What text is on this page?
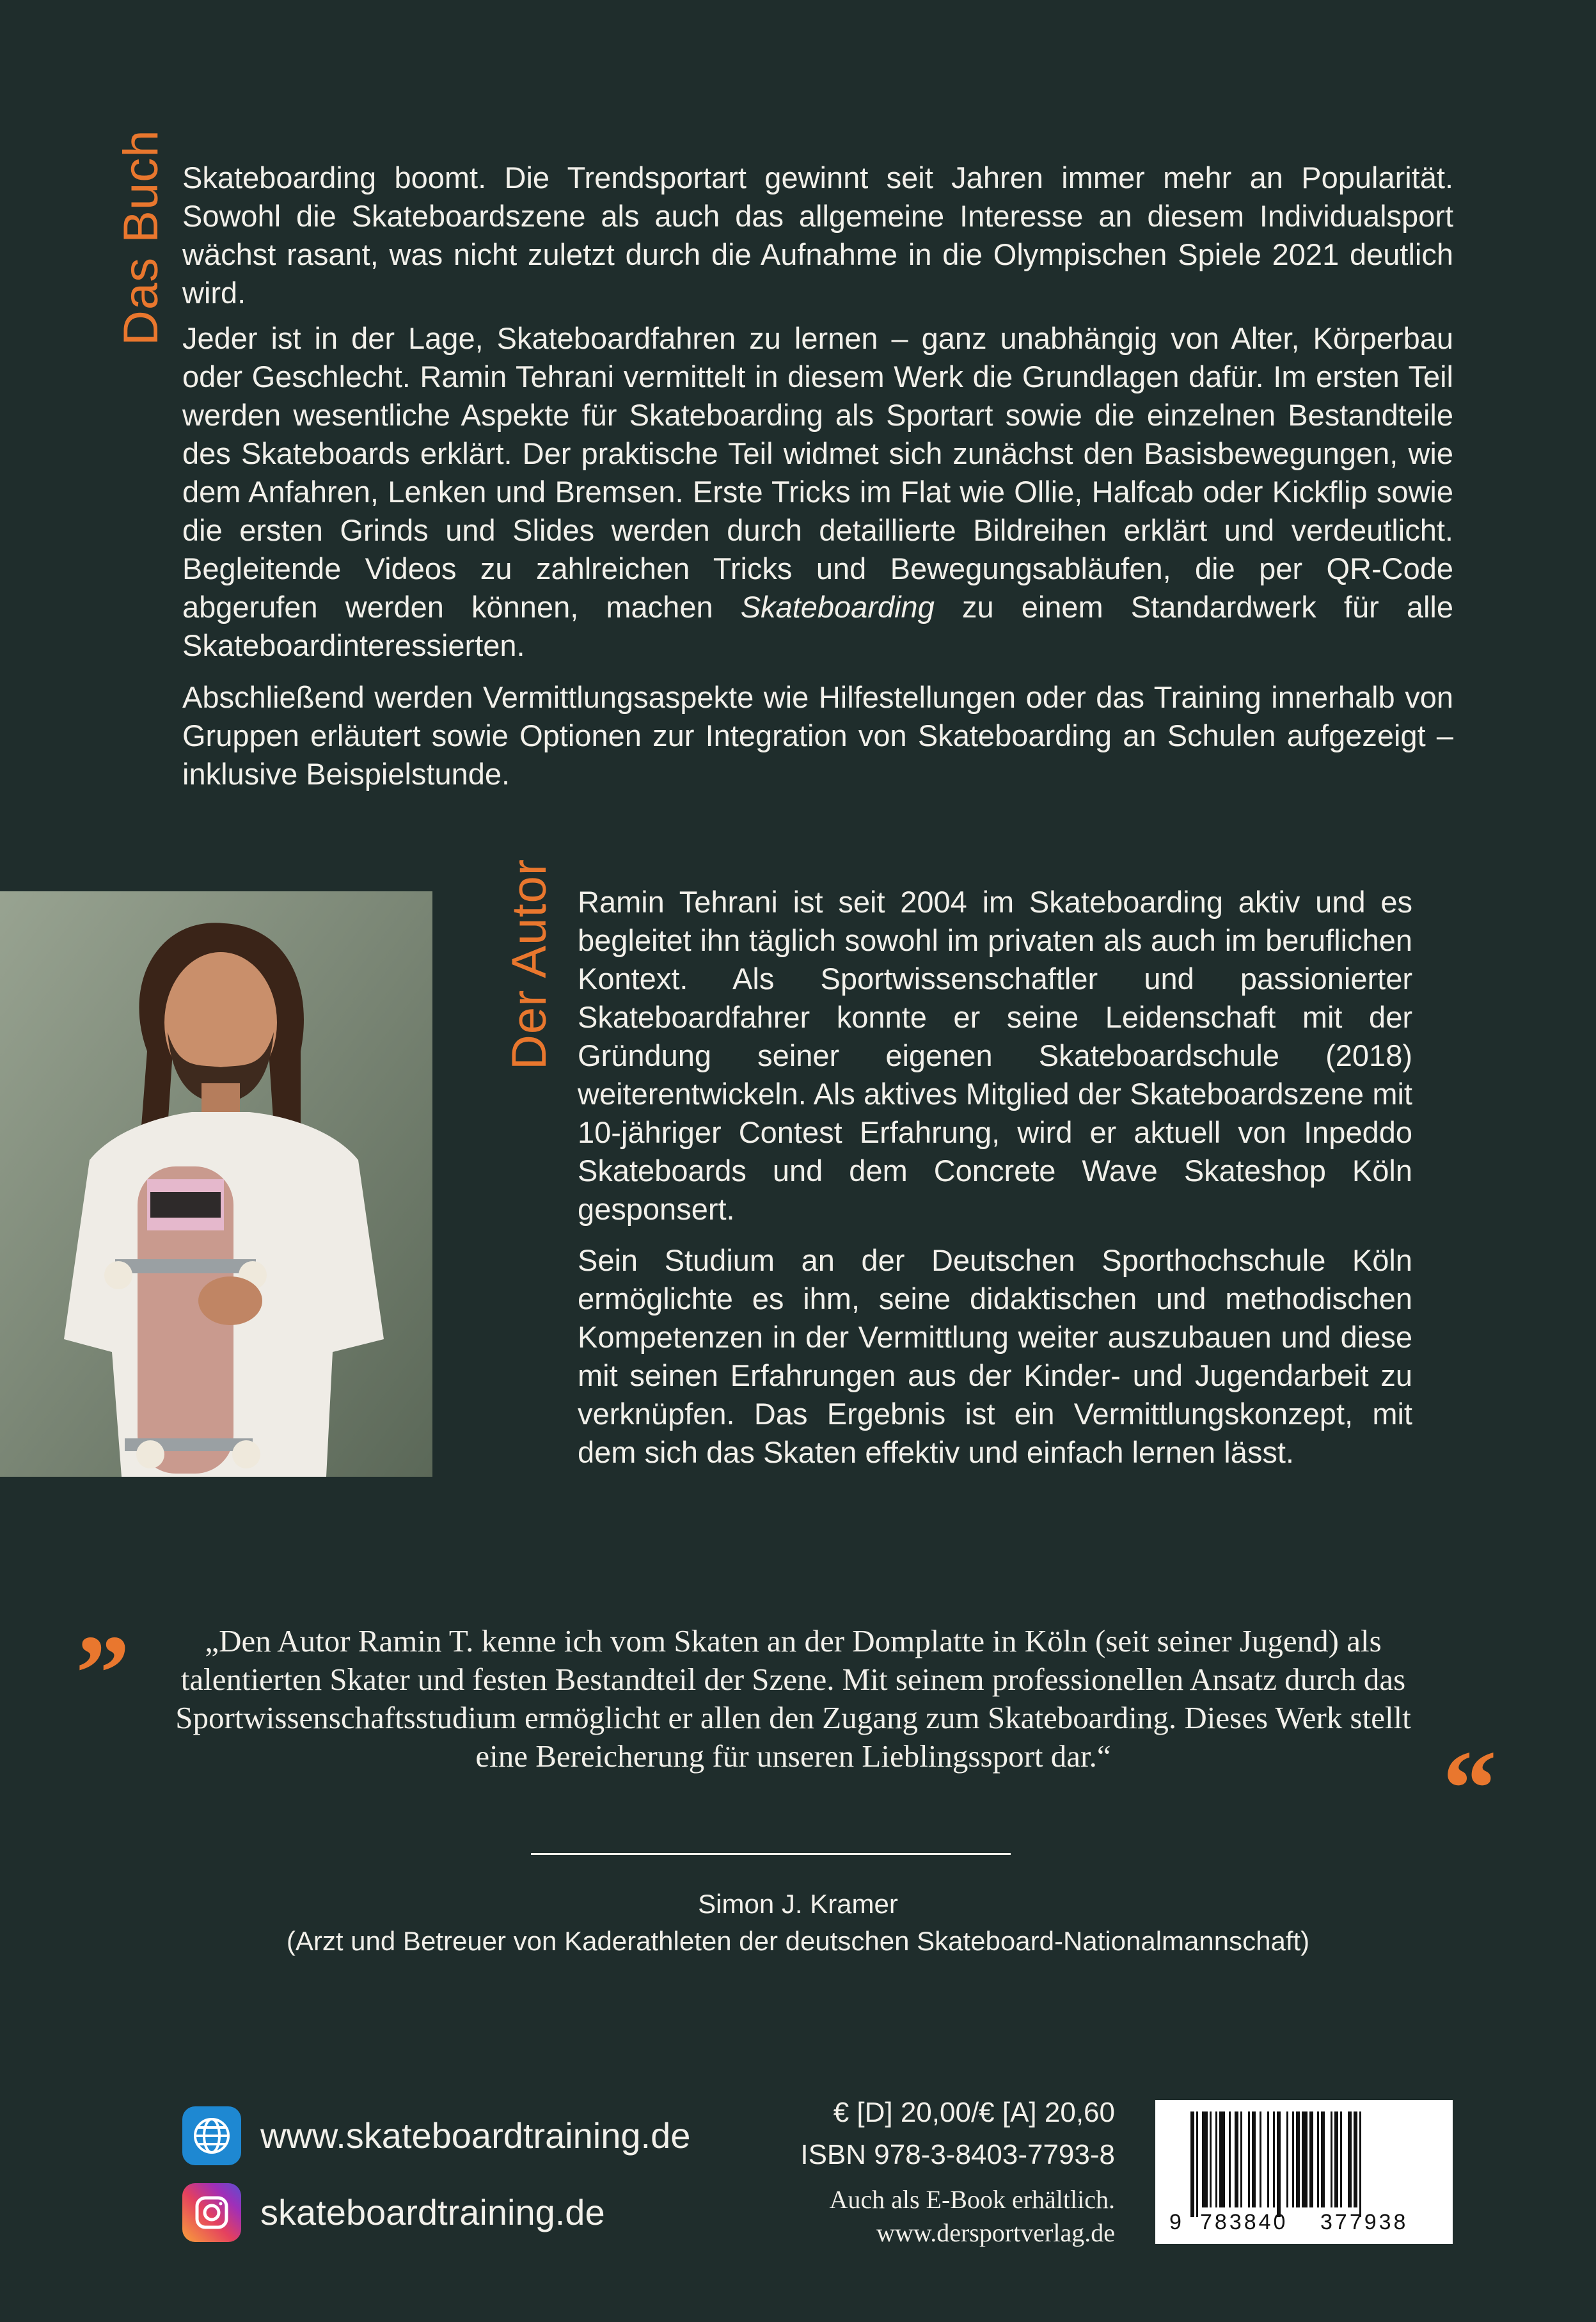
Das Buch Skateboarding boomt. Die Trendsportart gewinnt seit Jahren immer mehr an Popularität. Sowohl die Skateboardszene als auch das allgemeine Interesse an diesem Individualsport wächst rasant, was nicht zuletzt durch die Aufnahme in die Olympischen Spiele 2021 deutlich wird.

Jeder ist in der Lage, Skateboardfahren zu lernen – ganz unabhängig von Alter, Körperbau oder Geschlecht. Ramin Tehrani vermittelt in diesem Werk die Grundlagen dafür. Im ersten Teil werden wesentliche Aspekte für Skateboarding als Sportart sowie die einzelnen Bestandteile des Skateboards erklärt. Der praktische Teil widmet sich zunächst den Basisbewegungen, wie dem Anfahren, Lenken und Bremsen. Erste Tricks im Flat wie Ollie, Halfcab oder Kickflip sowie die ersten Grinds und Slides werden durch detaillierte Bildreihen erklärt und verdeutlicht. Begleitende Videos zu zahlreichen Tricks und Bewegungsabläufen, die per QR-Code abgerufen werden können, machen Skateboarding zu einem Standardwerk für alle Skateboardinteressierten.

Abschließend werden Vermittlungsaspekte wie Hilfestellungen oder das Training innerhalb von Gruppen erläutert sowie Optionen zur Integration von Skateboarding an Schulen aufgezeigt – inklusive Beispielstunde.

Der Autor Ramin Tehrani ist seit 2004 im Skateboarding aktiv und es begleitet ihn täglich sowohl im privaten als auch im beruflichen Kontext. Als Sportwissenschaftler und passionierter Skateboardfahrer konnte er seine Leidenschaft mit der Gründung seiner eigenen Skateboardschule (2018) weiterentwickeln. Als aktives Mitglied der Skateboardszene mit 10-jähriger Contest Erfahrung, wird er aktuell von Inpeddo Skateboards und dem Concrete Wave Skateshop Köln gesponsert.

Sein Studium an der Deutschen Sporthochschule Köln ermöglichte es ihm, seine didaktischen und methodischen Kompetenzen in der Vermittlung weiter auszubauen und diese mit seinen Erfahrungen aus der Kinder- und Jugendarbeit zu verknüpfen. Das Ergebnis ist ein Vermittlungskonzept, mit dem sich das Skaten effektiv und einfach lernen lässt.

”	„Den Autor Ramin T. kenne ich vom Skaten an der Domplatte in Köln (seit seiner Jugend) als talentierten Skater und festen Bestandteil der Szene. Mit seinem professionellen Ansatz durch das Sportwissenschaftsstudium ermöglicht er allen den Zugang zum Skateboarding. Dieses Werk stellt eine Bereicherung für unseren Lieblingssport dar.“	“
Simon J. Kramer
(Arzt und Betreuer von Kaderathleten der deutschen Skateboard-Nationalmannschaft)
www.skateboardtraining.de
skateboardtraining.de
€ [D] 20,00/€ [A] 20,60
ISBN 978-3-8403-7793-8
Auch als E-Book erhältlich.
www.dersportverlag.de	9 783840 377938
